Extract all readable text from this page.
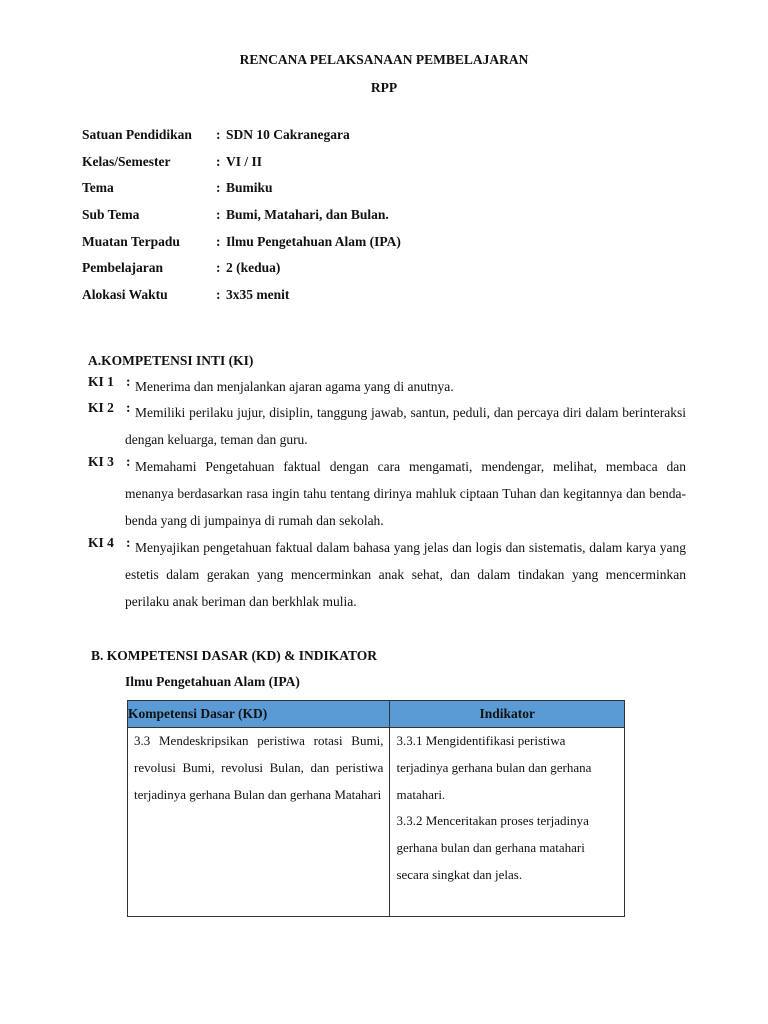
RENCANA PELAKSANAAN PEMBELAJARAN
RPP
Satuan Pendidikan : SDN 10 Cakranegara
Kelas/Semester	: VI / II
Tema	: Bumiku
Sub Tema	: Bumi, Matahari, dan Bulan.
Muatan Terpadu	: Ilmu Pengetahuan Alam (IPA)
Pembelajaran	: 2 (kedua)
Alokasi Waktu	: 3x35 menit
A.KOMPETENSI INTI (KI)
KI 1 : Menerima dan menjalankan ajaran agama yang di anutnya.
KI 2 : Memiliki perilaku jujur, disiplin, tanggung jawab, santun, peduli, dan percaya diri dalam berinteraksi dengan keluarga, teman dan guru.
KI 3 : Memahami Pengetahuan faktual dengan cara mengamati, mendengar, melihat, membaca dan menanya berdasarkan rasa ingin tahu tentang dirinya mahluk ciptaan Tuhan dan kegitannya dan benda-benda yang di jumpainya di rumah dan sekolah.
KI 4 : Menyajikan pengetahuan faktual dalam bahasa yang jelas dan logis dan sistematis, dalam karya yang estetis dalam gerakan yang mencerminkan anak sehat, dan dalam tindakan yang mencerminkan perilaku anak beriman dan berkhlak mulia.
B. KOMPETENSI DASAR (KD) & INDIKATOR
Ilmu Pengetahuan Alam (IPA)
Kompetensi Dasar (KD)	Indikator
3.3 Mendeskripsikan peristiwa rotasi Bumi, revolusi Bumi, revolusi Bulan, dan peristiwa terjadinya gerhana Bulan dan gerhana Matahari	3.3.1 Mengidentifikasi peristiwa terjadinya gerhana bulan dan gerhana matahari.
3.3.2 Menceritakan proses terjadinya gerhana bulan dan gerhana matahari secara singkat dan jelas.
